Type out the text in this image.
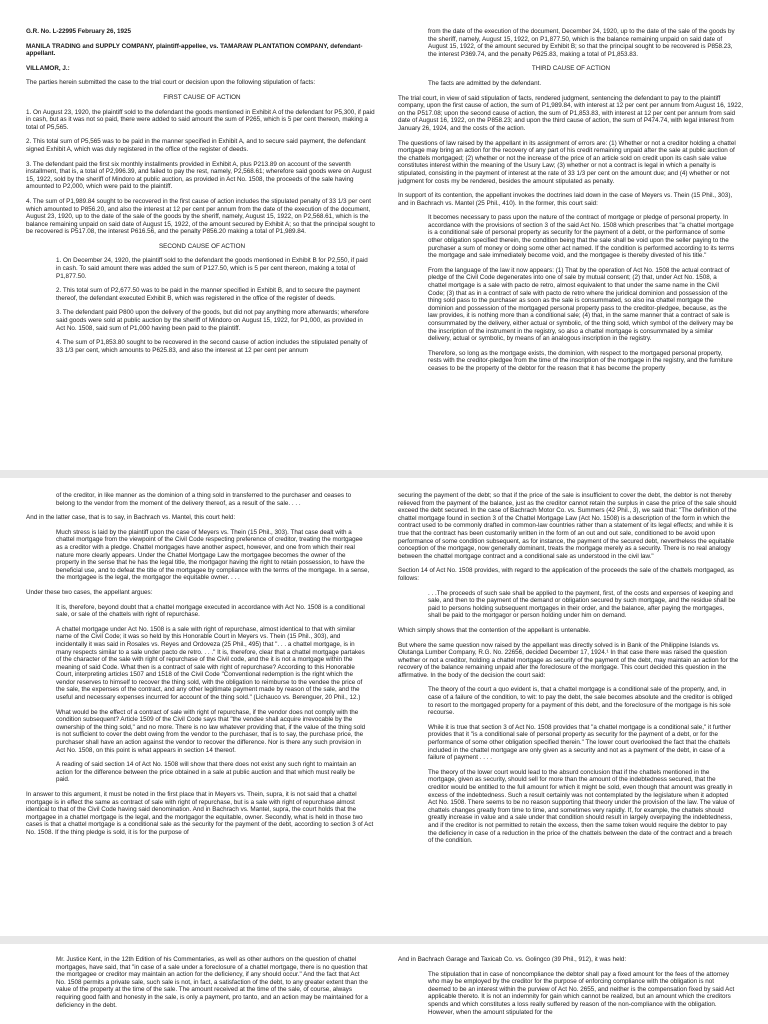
G.R. No. L-22995 February 26, 1925

MANILA TRADING and SUPPLY COMPANY, plaintiff-appellee, vs. TAMARAW PLANTATION COMPANY, defendant-appellant.

VILLAMOR, J.:

The parties herein submitted the case to the trial court or decision upon the following stipulation of facts:

FIRST CAUSE OF ACTION

1. On August 23, 1920, the plaintiff sold to the defendant the goods mentioned in Exhibit A of the defendant for P5,300, if paid in cash, but as it was not so paid, there were added to said amount the sum of P265, which is 5 per cent thereon, making a total of P5,565.

2. This total sum of P5,565 was to be paid in the manner specified in Exhibit A, and to secure said payment, the defendant signed Exhibit A, which was duly registered in the office of the register of deeds.

3. The defendant paid the first six monthly installments provided in Exhibit A, plus P213.89 on account of the seventh installment, that is, a total of P2,996.39, and failed to pay the rest, namely, P2,568.61; wherefore said goods were on August 15, 1922, sold by the sheriff of Mindoro at public auction, as provided in Act No. 1508, the proceeds of the sale having amounted to P2,000, which were paid to the plaintiff.

4. The sum of P1,989.84 sought to be recovered in the first cause of action includes the stipulated penalty of 33 1/3 per cent which amounted to P856.20, and also the interest at 12 per cent per annum from the date of the execution of the document, August 23, 1920, up to the date of the sale of the goods by the sheriff, namely, August 15, 1922, on P2,568.61, which is the balance remaining unpaid on said date of August 15, 1922, of the amount secured by Exhibit A; so that the principal sought to be recovered is P517.08, the interest P616.56, and the penalty P856.20 making a total of P1,989.84.

SECOND CAUSE OF ACTION

1. On December 24, 1920, the plaintiff sold to the defendant the goods mentioned in Exhibit B for P2,550, if paid in cash. To said amount there was added the sum of P127.50, which is 5 per cent thereon, making a total of P1,877.50.

2. This total sum of P2,677.50 was to be paid in the manner specified in Exhibit B, and to secure the payment thereof, the defendant executed Exhibit B, which was registered in the office of the register of deeds.

3. The defendant paid P800 upon the delivery of the goods, but did not pay anything more afterwards; wherefore said goods were sold at public auction by the sheriff of Mindoro on August 15, 1922, for P1,000, as provided in Act No. 1508, said sum of P1,000 having been paid to the plaintiff.

4. The sum of P1,853.80 sought to be recovered in the second cause of action includes the stipulated penalty of 33 1/3 per cent, which amounts to P625.83, and also the interest at 12 per cent per annum

from the date of the execution of the document, December 24, 1920, up to the date of the sale of the goods by the sheriff, namely, August 15, 1922, on P1,877.50, which is the balance remaining unpaid on said date of August 15, 1922, of the amount secured by Exhibit B; so that the principal sought to be recovered is P858.23, the interest P369.74, and the penalty P625.83, making a total of P1,853.83.

THIRD CAUSE OF ACTION

The facts are admitted by the defendant.

The trial court, in view of said stipulation of facts, rendered judgment, sentencing the defendant to pay to the plaintiff company, upon the first cause of action, the sum of P1,989.84, with interest at 12 per cent per annum from August 16, 1922, on the P517.08; upon the second cause of action, the sum of P1,853.83, with interest at 12 per cent per annum from said date of August 16, 1922, on the P858.23; and upon the third cause of action, the sum of P474.74, with legal interest from January 26, 1924, and the costs of the action.

The questions of law raised by the appellant in its assignment of errors are: (1) Whether or not a creditor holding a chattel mortgage may bring an action for the recovery of any part of his credit remaining unpaid after the sale at public auction of the chattels mortgaged; (2) whether or not the increase of the price of an article sold on credit upon its cash sale value constitutes interest within the meaning of the Usury Law; (3) whether or not a contract is legal in which a penalty is stipulated, consisting in the payment of interest at the rate of 33 1/3 per cent on the amount due; and (4) whether or not judgment for costs my be rendered, besides the amount stipulated as penalty.

In support of its contention, the appellant invokes the doctrines laid down in the case of Meyers vs. Thein (15 Phil., 303), and in Bachrach vs. Mantel (25 Phil., 410). In the former, this court said:

It becomes necessary to pass upon the nature of the contract of mortgage or pledge of personal property. In accordance with the provisions of section 3 of the said Act No. 1508 which prescribes that "a chattel mortgage is a conditional sale of personal property as security for the payment of a debt, or the performance of some other obligation specified therein, the condition being that the sale shall be void upon the seller paying to the purchaser a sum of money or doing some other act named. If the condition is performed according to its terms the mortgage and sale immediately become void, and the mortgagee is thereby divested of his title."

From the language of the law it now appears: (1) That by the operation of Act No. 1508 the actual contract of pledge of the Civil Code degenerates into one of sale by mutual consent; (2) that, under Act No. 1508, a chattel mortgage is a sale with pacto de retro, almost equivalent to that under the same name in the Civil Code; (3) that as in a contract of sale with pacto de retro where the juridical dominion and possession of the thing sold pass to the purchaser as soon as the sale is consummated, so also ina chattel mortgage the dominion and possession of the mortgaged personal property pass to the creditor-pledgee, because, as the law provides, it is nothing more than a conditional sale; (4) that, in the same manner that a contract of sale is consummated by the delivery, either actual or symbolic, of the thing sold, which symbol of the delivery may be the inscription of the instrument in the registry, so also a chattel mortgage is consummated by a similar delivery, actual or symbolic, by means of an analogous inscription in the registry.

Therefore, so long as the mortgage exists, the dominion, with respect to the mortgaged personal property, rests with the creditor-pledgee from the time of the inscription of the mortgage in the registry, and the furniture ceases to be the property of the debtor for the reason that it has become the property

of the creditor, in like manner as the dominion of a thing sold in transferred to the purchaser and ceases to belong to the vendor from the moment of the delivery thereof, as a result of the sale. . . .

And in the latter case, that is to say, in Bachrach vs. Mantel, this court held:

Much stress is laid by the plaintiff upon the case of Meyers vs. Thein (15 Phil., 303). That case dealt with a chattel mortgage from the viewpoint of the Civil Code respecting preference of creditor, treating the mortgagee as a creditor with a pledge. Chattel mortgages have another aspect, however, and one from which their real nature more clearly appears. Under the Chattel Mortgage Law the mortgagee becomes the owner of the property in the sense that he has the legal title, the mortgagor having the right to retain possession, to have the beneficial use, and to defeat the title of the mortgagee by compliance with the terms of the mortgage. In a sense, the mortgagee is the legal, the mortgagor the equitable owner. . . .

Under these two cases, the appellant argues:

It is, therefore, beyond doubt that a chattel mortgage executed in accordance with Act No. 1508 is a conditional sale, or sale of the chattels with right of repurchase.

A chattel mortgage under Act No. 1508 is a sale with right of repurchase, almost identical to that with similar name of the Civil Code; it was so held by this Honorable Court in Meyers vs. Thein (15 Phil., 303), and incidentally it was said in Rosales vs. Reyes and Ordoveza (25 Phil., 495) that ". . . a chattel mortgage, is in many respects similar to a sale under pacto de retro. . . ." It is, therefore, clear that a chattel mortgage partakes of the character of the sale with right of repurchase of the Civil code, and the it is not a mortgage within the meaning of said Code. What then is a contract of sale with right of repurchase? According to this Honorable Court, interpreting articles 1507 and 1518 of the Civil Code "Conventional redemption is the right which the vendor reserves to himself to recover the thing sold, with the obligation to reimburse to the vendee the price of the sale, the expenses of the contract, and any other legitimate payment made by reason of the sale, and the useful and necessary expenses incurred for account of the thing sold." (Lichauco vs. Berenguer, 20 Phil., 12.)

What would be the effect of a contract of sale with right of repurchase, if the vendor does not comply with the condition subsequent? Article 1509 of the Civil Code says that "the vendee shall acquire irrevocable by the ownership of the thing sold," and no more. There is no law whatever providing that, if the value of the thing sold is not sufficient to cover the debt owing from the vendor to the purchaser, that is to say, the purchase price, the purchaser shall have an action against the vendor to recover the difference. Nor is there any such provision in Act No. 1508, on this point is what appears in section 14 thereof.

A reading of said section 14 of Act No. 1508 will show that there does not exist any such right to maintain an action for the difference between the price obtained in a sale at public auction and that which must really be paid.

In answer to this argument, it must be noted in the first place that in Meyers vs. Thein, supra, it is not said that a chattel mortgage is in effect the same as contract of sale with right of repurchase, but is a sale with right of repurchase almost identical to that of the Civil Code having said denomination. And in Bachrach vs. Mantel, supra, the court holds that the mortgagee in a chattel mortgage is the legal, and the mortgagor the equitable, owner. Secondly, what is held in those two cases is that a chattel mortgage is a conditional sale as the security for the payment of the debt, according to section 3 of Act No. 1508. If the thing pledge is sold, it is for the purpose of

securing the payment of the debt; so that if the price of the sale is insufficient to cover the debt, the debtor is not thereby relieved from the payment of the balance, just as the creditor cannot retain the surplus in case the price of the sale should exceed the debt secured. In the case of Bachrach Motor Co. vs. Summers (42 Phil., 3), we said that: "The definition of the chattel mortgage found in section 3 of the Chattel Mortgage Law (Act No. 1508) is a description of the form in which the contract used to be commonly drafted in common-law countries rather than a statement of its legal effects; and while it is true that the contract has been customarily written in the form of an out and out sale, conditioned to be avoid upon performance of some condition subsequent, as for instance, the payment of the secured debt, nevertheless the equitable conception of the mortgage, now generally dominant, treats the mortgage merely as a security. There is no real analogy between the chattel mortgage contract and a conditional sale as understood in the civil law."

Section 14 of Act No. 1508 provides, with regard to the application of the proceeds the sale of the chattels mortgaged, as follows:

. . .The proceeds of such sale shall be applied to the payment, first, of the costs and expenses of keeping and sale, and then to the payment of the demand or obligation secured by such mortgage, and the residue shall be paid to persons holding subsequent mortgages in their order, and the balance, after paying the mortgages, shall be paid to the mortgagor or person holding under him on demand.

Which simply shows that the contention of the appellant is untenable.

But where the same question now raised by the appellant was directly solved is in Bank of the Philippine Islands vs. Olutanga Lumber Company, R.G. No. 22656, decided December 17, 1924.¹ In that case there was raised the question whether or not a creditor, holding a chattel mortgage as security of the payment of the debt, may maintain an action for the recovery of the balance remaining unpaid after the foreclosure of the mortgage. This court decided this question in the affirmative. In the body of the decision the court said:

The theory of the court a quo evident is, that a chattel mortgage is a conditional sale of the property, and, in case of a failure of the condition, to wit: to pay the debt, the sale becomes absolute and the creditor is obliged to resort to the mortgaged property for a payment of this debt, and the foreclosure of the mortgage is his sole recourse.

While it is true that section 3 of Act No. 1508 provides that "a chattel mortgage is a conditional sale," it further provides that it "is a conditional sale of personal property as security for the payment of a debt, or for the performance of some other obligation specified therein." The lower court overlooked the fact that the chattels included in the chattel mortgage are only given as a security and not as a payment of the debt, in case of a failure of payment . . . .

The theory of the lower court would lead to the absurd conclusion that if the chattels mentioned in the mortgage, given as security, should sell for more than the amount of the indebtedness secured, that the creditor would be entitled to the full amount for which it might be sold, even though that amount was greatly in excess of the indebtedness. Such a result certainly was not contemplated by the legislature when it adopted Act No. 1508. There seems to be no reason supporting that theory under the provision of the law. The value of chattels changes greatly from time to time, and sometimes very rapidly. If, for example, the chattels should greatly increase in value and a sale under that condition should result in largely overpaying the indebtedness, and if the creditor is not permitted to retain the excess, then the same token would require the debtor to pay the deficiency in case of a reduction in the price of the chattels between the date of the contract and a breach of the condition.

Mr. Justice Kent, in the 12th Edition of his Commentaries, as well as other authors on the question of chattel mortgages, have said, that "in case of a sale under a foreclosure of a chattel mortgage, there is no question that the mortgagee or creditor may maintain an action for the deficiency, if any should occur." And the fact that Act No. 1508 permits a private sale, such sale is not, in fact, a satisfaction of the debt, to any greater extent than the value of the property at the time of the sale. The amount received at the time of the sale, of course, always requiring good faith and honesty in the sale, is only a payment, pro tanto, and an action may be maintained for a deficiency in the debt.

And in Bachrach Garage and Taxicab Co. vs. Golingco (39 Phil., 912), it was held:

The stipulation that in case of noncompliance the debtor shall pay a fixed amount for the fees of the attorney who may be employed by the creditor for the purpose of enforcing compliance with the obligation is not deemed to be an interest within the purview of Act No. 2655, and neither is the compensation fixed by said Act applicable thereto. It is not an indemnity for gain which cannot be realized, but an amount which the creditors spends and which constitutes a loss really suffered by reason of the non-compliance with the obligation. However, when the amount stipulated for the
